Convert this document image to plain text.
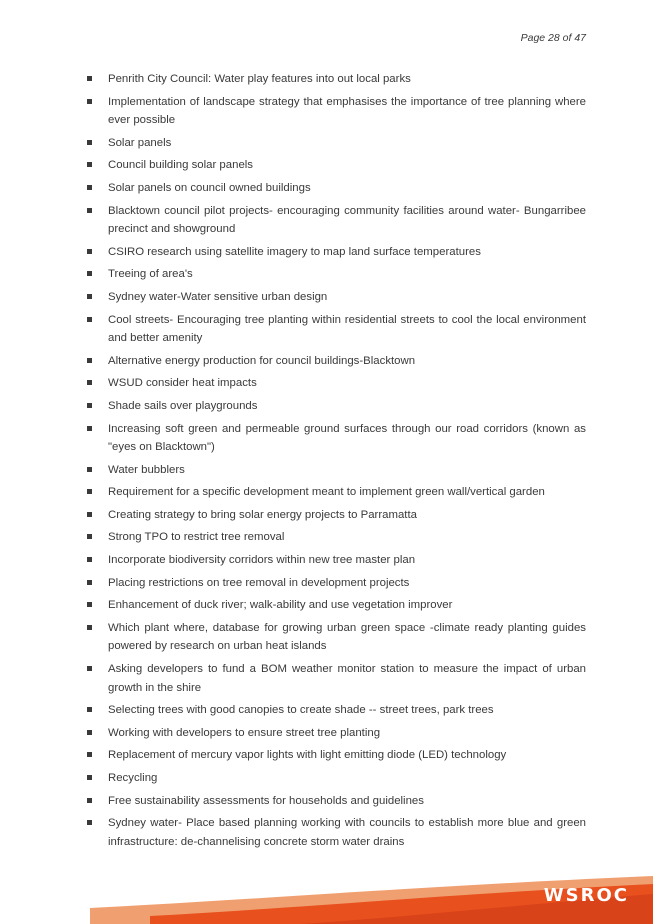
Page 28 of 47
Penrith City Council: Water play features into out local parks
Implementation of landscape strategy that emphasises the importance of tree planning where ever possible
Solar panels
Council building solar panels
Solar panels on council owned buildings
Blacktown council pilot projects- encouraging community facilities around water- Bungarribee precinct and showground
CSIRO research using satellite imagery to map land surface temperatures
Treeing of area's
Sydney water-Water sensitive urban design
Cool streets- Encouraging tree planting within residential streets to cool the local environment and better amenity
Alternative energy production for council buildings-Blacktown
WSUD consider heat impacts
Shade sails over playgrounds
Increasing soft green and permeable ground surfaces through our road corridors (known as "eyes on Blacktown")
Water bubblers
Requirement for a specific development meant to implement green wall/vertical garden
Creating strategy to bring solar energy projects to Parramatta
Strong TPO to restrict tree removal
Incorporate biodiversity corridors within new tree master plan
Placing restrictions on tree removal in development projects
Enhancement of duck river; walk-ability and use vegetation improver
Which plant where, database for growing urban green space -climate ready planting guides powered by research on urban heat islands
Asking developers to fund a BOM weather monitor station to measure the impact of urban growth in the shire
Selecting trees with good canopies to create shade -- street trees, park trees
Working with developers to ensure street tree planting
Replacement of mercury vapor lights with light emitting diode (LED) technology
Recycling
Free sustainability assessments for households and guidelines
Sydney water- Place based planning working with councils to establish more blue and green infrastructure: de-channelising concrete storm water drains
WSROC
